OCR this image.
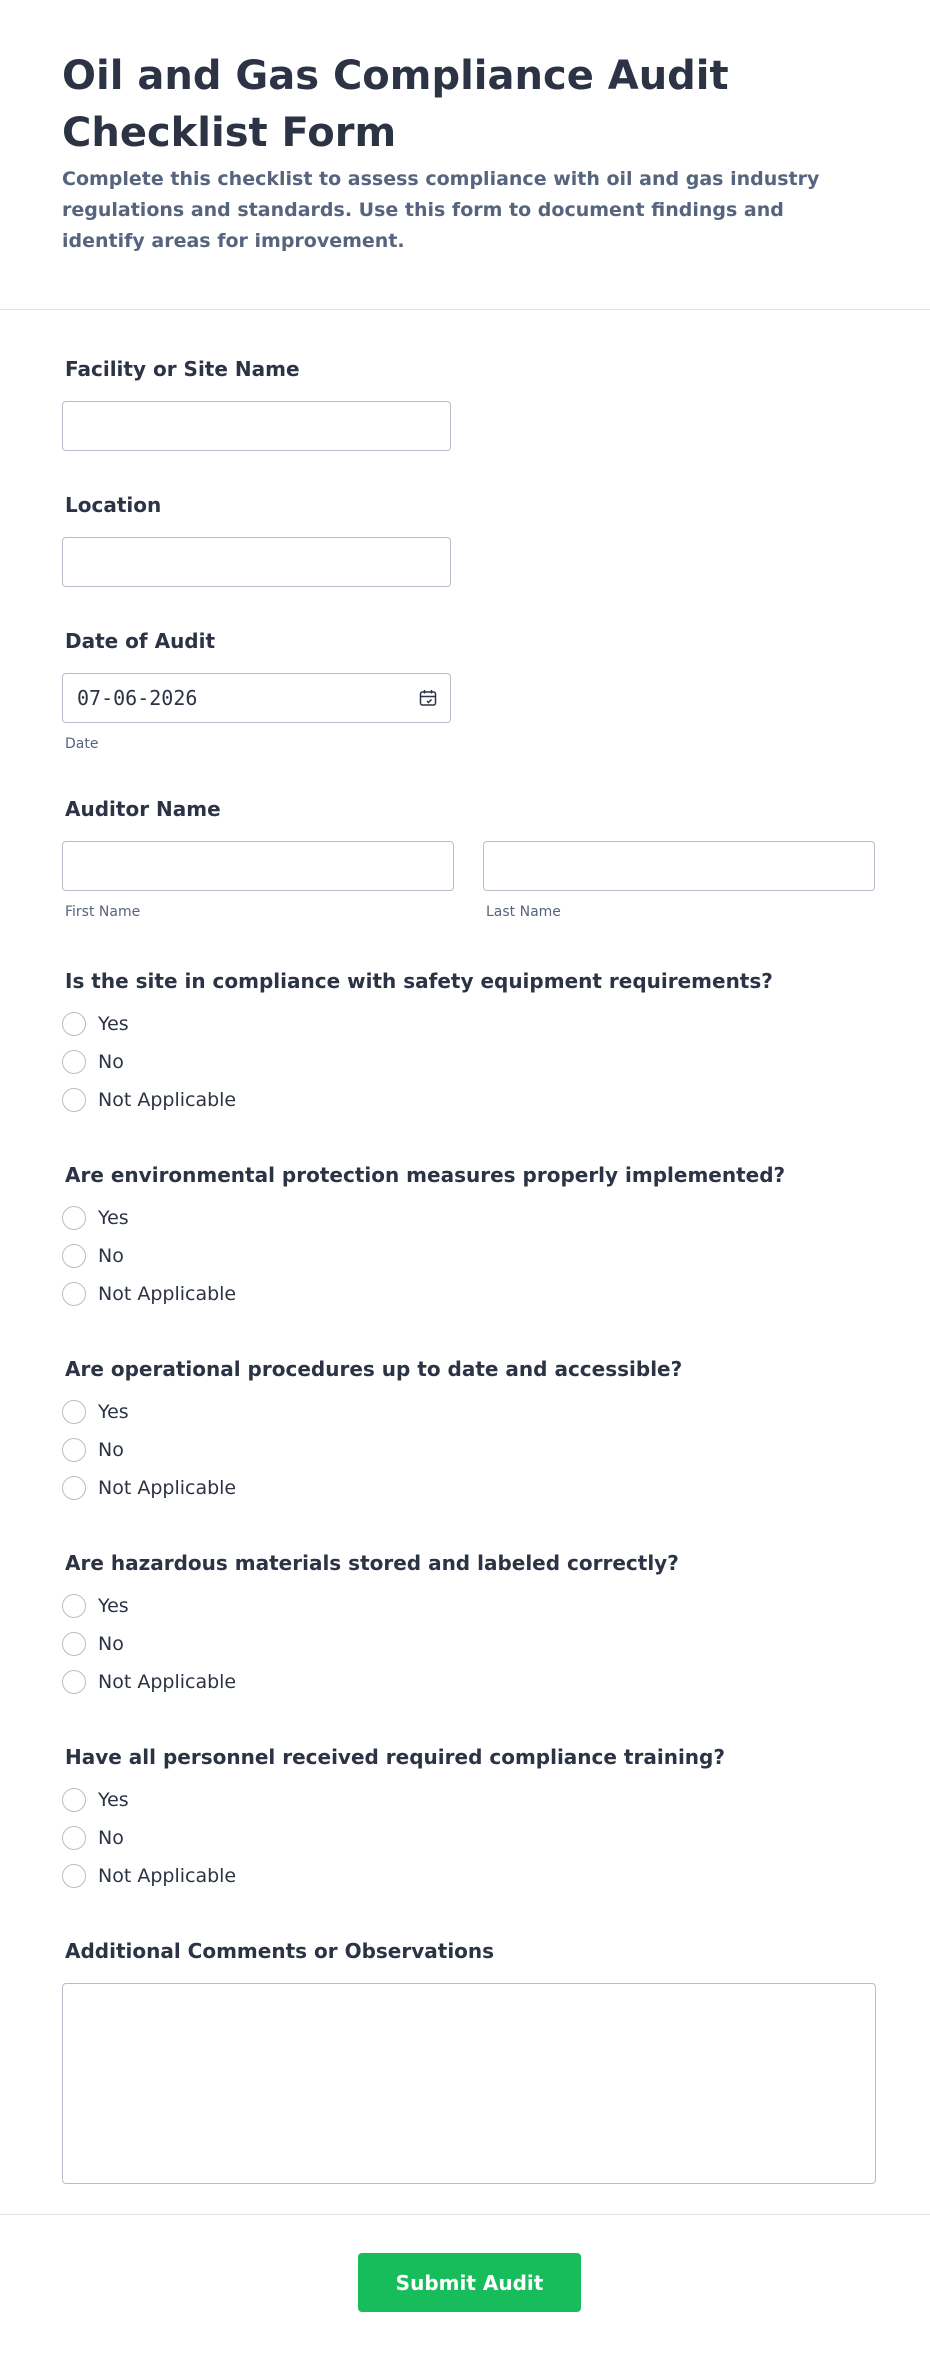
Oil and Gas Compliance Audit Checklist Form

Complete this checklist to assess compliance with oil and gas industry regulations and standards. Use this form to document findings and identify areas for improvement.

Facility or Site Name
Location
Date of Audit
07-06-2026
Date
Auditor Name
First Name	Last Name
Is the site in compliance with safety equipment requirements?
Yes
No
Not Applicable
Are environmental protection measures properly implemented?
Yes
No
Not Applicable
Are operational procedures up to date and accessible?
Yes
No
Not Applicable
Are hazardous materials stored and labeled correctly?
Yes
No
Not Applicable
Have all personnel received required compliance training?
Yes
No
Not Applicable
Additional Comments or Observations
Submit Audit
